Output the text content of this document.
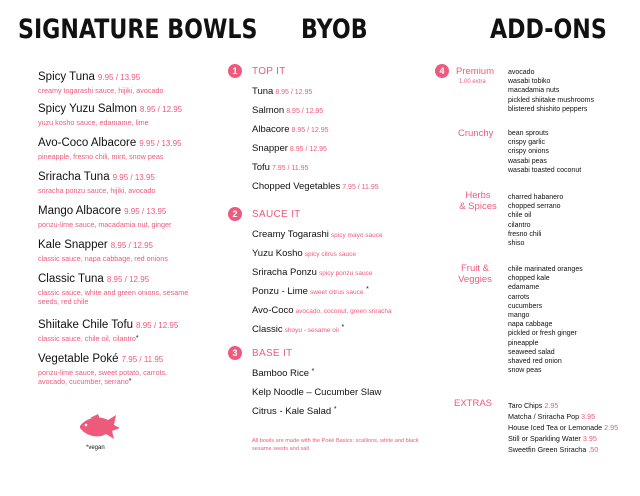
SIGNATURE BOWLS BYOB	ADD-ONS
Spicy Tuna 9.95 / 13.95
creamy togarashi sauce, hijiki, avocado
Spicy Yuzu Salmon 8.95 / 12.95
yuzu kosho sauce, edamame, lime
Avo-Coco Albacore 9.95 / 13.95
pineapple, fresno chili, mint, snow peas
Sriracha Tuna 9.95 / 13.95
sriracha ponzu sauce, hijiki, avocado
Mango Albacore 9.95 / 13.95
ponzu-lime sauce, macadamia nut, ginger
Kale Snapper 8.95 / 12.95
classic sauce, napa cabbage, red onions
Classic Tuna 8.95 / 12.95
classic sauce, white and green onions, sesame seeds, red chile
Shiitake Chile Tofu 8.95 / 12.95
classic sauce, chile oil, cilantro*
Vegetable Poké 7.95 / 11.95
ponzu-lime sauce, sweet potato, carrots, avocado, cucumber, serrano*
*vegan
1	TOP IT
Tuna 8.95 / 12.95
Salmon 8.95 / 12.95
Albacore 8.95 / 12.95
Snapper 8.95 / 12.95
Tofu 7.95 / 11.95
Chopped Vegetables 7.95 / 11.95
2	SAUCE IT
Creamy Togarashi spicy mayo sauce
Yuzu Kosho spicy citrus sauce
Sriracha Ponzu spicy ponzu sauce
Ponzu - Lime sweet citrus sauce *
Avo-Coco avocado, coconut, green sriracha
Classic shoyu - sesame oil *
3	BASE IT
Bamboo Rice *
Kelp Noodle – Cucumber Slaw
Citrus - Kale Salad *
All bowls are made with the Poké Basics: scallions, white and black sesame seeds and salt
4	Premium
1.00 extra
avocado
wasabi tobiko
macadamia nuts
pickled shiitake mushrooms
blistered shishito peppers
Crunchy bean sprouts
crispy garlic
crispy onions
wasabi peas
wasabi toasted coconut
Herbs
& Spices
charred habanero
chopped serrano
chile oil
cilantro
fresno chili
shiso
Fruit &
Veggies
chile marinated oranges
chopped kale
edamame
carrots
cucumbers
mango
napa cabbage
pickled or fresh ginger
pineapple
seaweed salad
shaved red onion
snow peas
EXTRAS Taro Chips 2.95
Matcha / Sriracha Pop 3.95
House Iced Tea or Lemonade 2.95
Still or Sparkling Water 3.95
Sweetfin Green Sriracha .50
